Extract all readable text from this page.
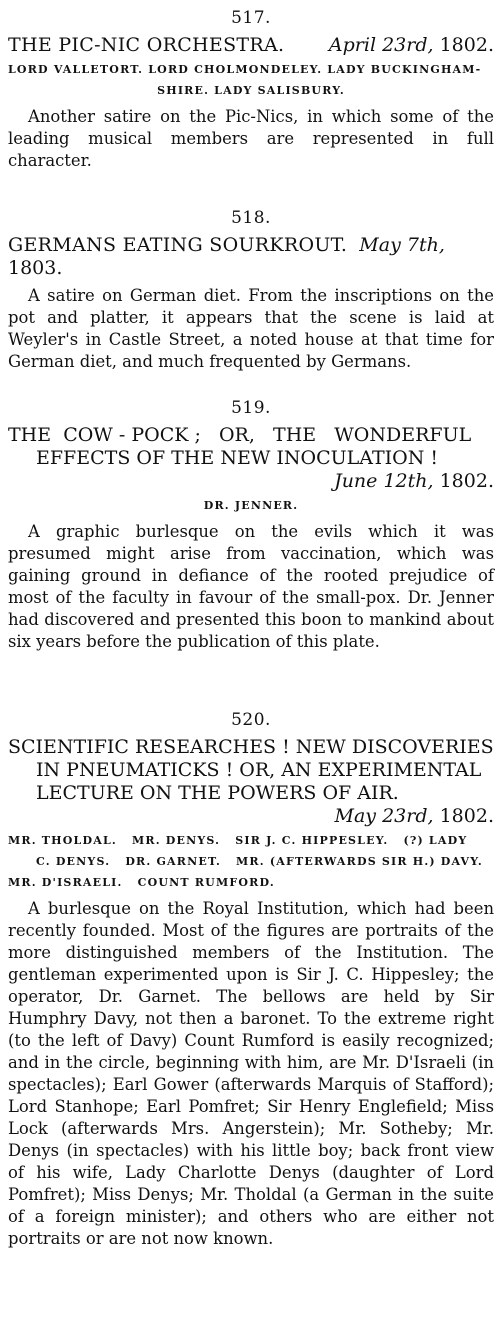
517.
THE PIC-NIC ORCHESTRA. April 23rd, 1802.
LORD VALLETORT. LORD CHOLMONDELEY. LADY BUCKINGHAM-
SHIRE. LADY SALISBURY.
Another satire on the Pic-Nics, in which some of the leading musical members are represented in full character.
518.
GERMANS EATING SOURKROUT. May 7th, 1803.
A satire on German diet. From the inscriptions on the pot and platter, it appears that the scene is laid at Weyler's in Castle Street, a noted house at that time for German diet, and much frequented by Germans.
519.
THE  COW - POCK ;   OR,   THE   WONDERFUL
EFFECTS OF THE NEW INOCULATION !
June 12th, 1802.
DR. JENNER.
A graphic burlesque on the evils which it was presumed might arise from vaccination, which was gaining ground in defiance of the rooted prejudice of most of the faculty in favour of the small-pox. Dr. Jenner had discovered and presented this boon to mankind about six years before the publication of this plate.
520.
SCIENTIFIC RESEARCHES ! NEW DISCOVERIES
IN PNEUMATICKS ! OR, AN EXPERIMENTAL
LECTURE ON THE POWERS OF AIR.
May 23rd, 1802.
MR. THOLDAL.   MR. DENYS.   SIR J. C. HIPPESLEY.   (?) LADY
C. DENYS.   DR. GARNET.   MR. (AFTERWARDS SIR H.) DAVY.
MR. D'ISRAELI.   COUNT RUMFORD.
A burlesque on the Royal Institution, which had been recently founded. Most of the figures are portraits of the more distinguished members of the Institution. The gentleman experimented upon is Sir J. C. Hippesley; the operator, Dr. Garnet. The bellows are held by Sir Humphry Davy, not then a baronet. To the extreme right (to the left of Davy) Count Rumford is easily recognized; and in the circle, beginning with him, are Mr. D'Israeli (in spectacles); Earl Gower (afterwards Marquis of Stafford); Lord Stanhope; Earl Pomfret; Sir Henry Englefield; Miss Lock (afterwards Mrs. Angerstein); Mr. Sotheby; Mr. Denys (in spectacles) with his little boy; back front view of his wife, Lady Charlotte Denys (daughter of Lord Pomfret); Miss Denys; Mr. Tholdal (a German in the suite of a foreign minister); and others who are either not portraits or are not now known.
